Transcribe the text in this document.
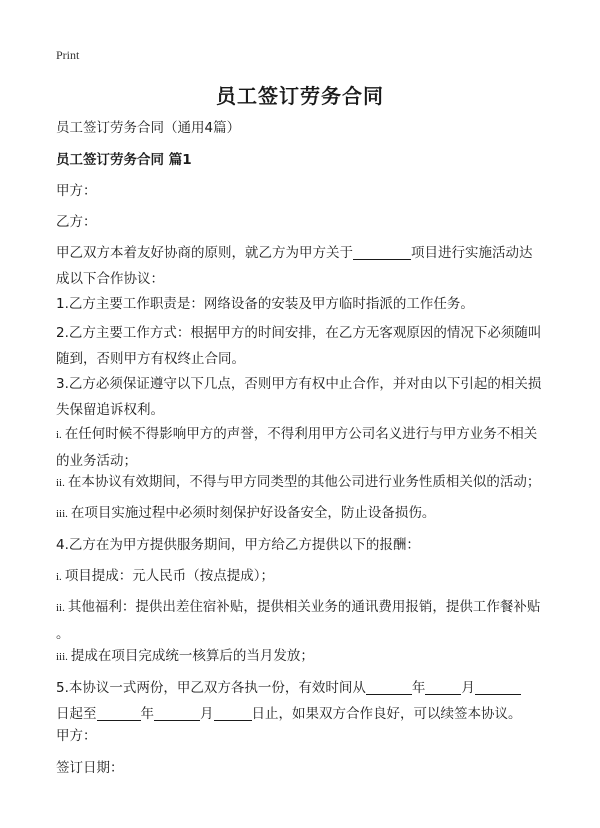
Print
员工签订劳务合同
员工签订劳务合同（通用4篇）
员工签订劳务合同 篇1
甲方：
乙方：
甲乙双方本着友好协商的原则，就乙方为甲方关于	项目进行实施活动达
成以下合作协议：
1.乙方主要工作职责是：网络设备的安装及甲方临时指派的工作任务。
2.乙方主要工作方式：根据甲方的时间安排，在乙方无客观原因的情况下必须随叫
随到，否则甲方有权终止合同。
3.乙方必须保证遵守以下几点，否则甲方有权中止合作，并对由以下引起的相关损
失保留追诉权利。
i. 在任何时候不得影响甲方的声誉，不得利用甲方公司名义进行与甲方业务不相关
的业务活动；
ii. 在本协议有效期间，不得与甲方同类型的其他公司进行业务性质相关似的活动；
iii. 在项目实施过程中必须时刻保护好设备安全，防止设备损伤。
4.乙方在为甲方提供服务期间，甲方给乙方提供以下的报酬：
i. 项目提成：元人民币（按点提成）；
ii. 其他福利：提供出差住宿补贴，提供相关业务的通讯费用报销，提供工作餐补贴
。
iii. 提成在项目完成统一核算后的当月发放；
5.本协议一式两份，甲乙双方各执一份，有效时间从	年	月
日起至	年	月	日止，如果双方合作良好，可以续签本协议。
甲方：
签订日期：
